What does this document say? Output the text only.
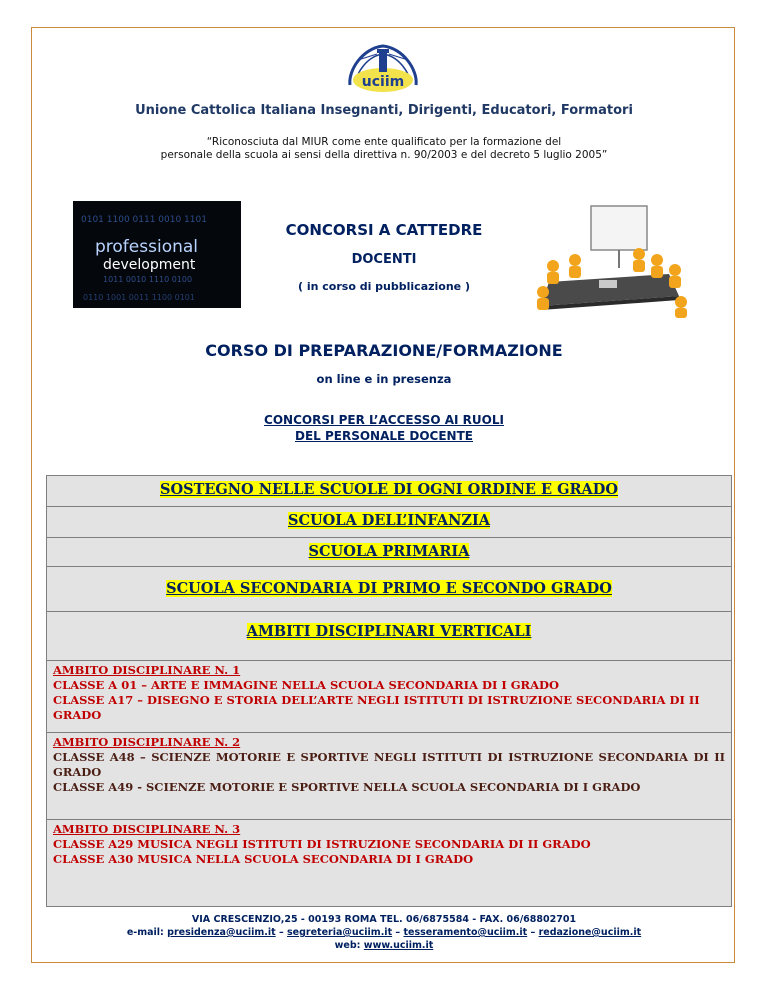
uciim
Unione Cattolica Italiana Insegnanti, Dirigenti, Educatori, Formatori
“Riconosciuta dal MIUR come ente qualificato per la formazione del
personale della scuola ai sensi della direttiva n. 90/2003 e del decreto 5 luglio 2005”
0101 1100 0111 0010 1101
1011 0010 1110 0100
0110 1001 0011 1100 0101
professional
development
CONCORSI A CATTEDRE
DOCENTI
( in corso di pubblicazione )
CORSO DI PREPARAZIONE/FORMAZIONE
on line e in presenza
CONCORSI PER L’ACCESSO AI RUOLI
DEL PERSONALE DOCENTE
SOSTEGNO NELLE SCUOLE DI OGNI ORDINE E GRADO
SCUOLA DELL’INFANZIA
SCUOLA PRIMARIA
SCUOLA SECONDARIA DI PRIMO E SECONDO GRADO
AMBITI DISCIPLINARI VERTICALI
AMBITO DISCIPLINARE N. 1
CLASSE A 01 – ARTE E IMMAGINE NELLA SCUOLA SECONDARIA DI I GRADO
CLASSE A17 – DISEGNO E STORIA DELL’ARTE NEGLI ISTITUTI DI ISTRUZIONE SECONDARIA DI II GRADO
AMBITO DISCIPLINARE N. 2
CLASSE A48 – SCIENZE MOTORIE E SPORTIVE NEGLI ISTITUTI DI ISTRUZIONE SECONDARIA DI II GRADO
CLASSE A49 - SCIENZE MOTORIE E SPORTIVE NELLA SCUOLA SECONDARIA DI I GRADO
AMBITO DISCIPLINARE N. 3
CLASSE A29 MUSICA NEGLI ISTITUTI DI ISTRUZIONE SECONDARIA DI II GRADO
CLASSE A30 MUSICA NELLA SCUOLA SECONDARIA DI I GRADO
VIA CRESCENZIO,25 - 00193 ROMA TEL. 06/6875584 - FAX. 06/68802701
e-mail: presidenza@uciim.it – segreteria@uciim.it – tesseramento@uciim.it – redazione@uciim.it
web: www.uciim.it
